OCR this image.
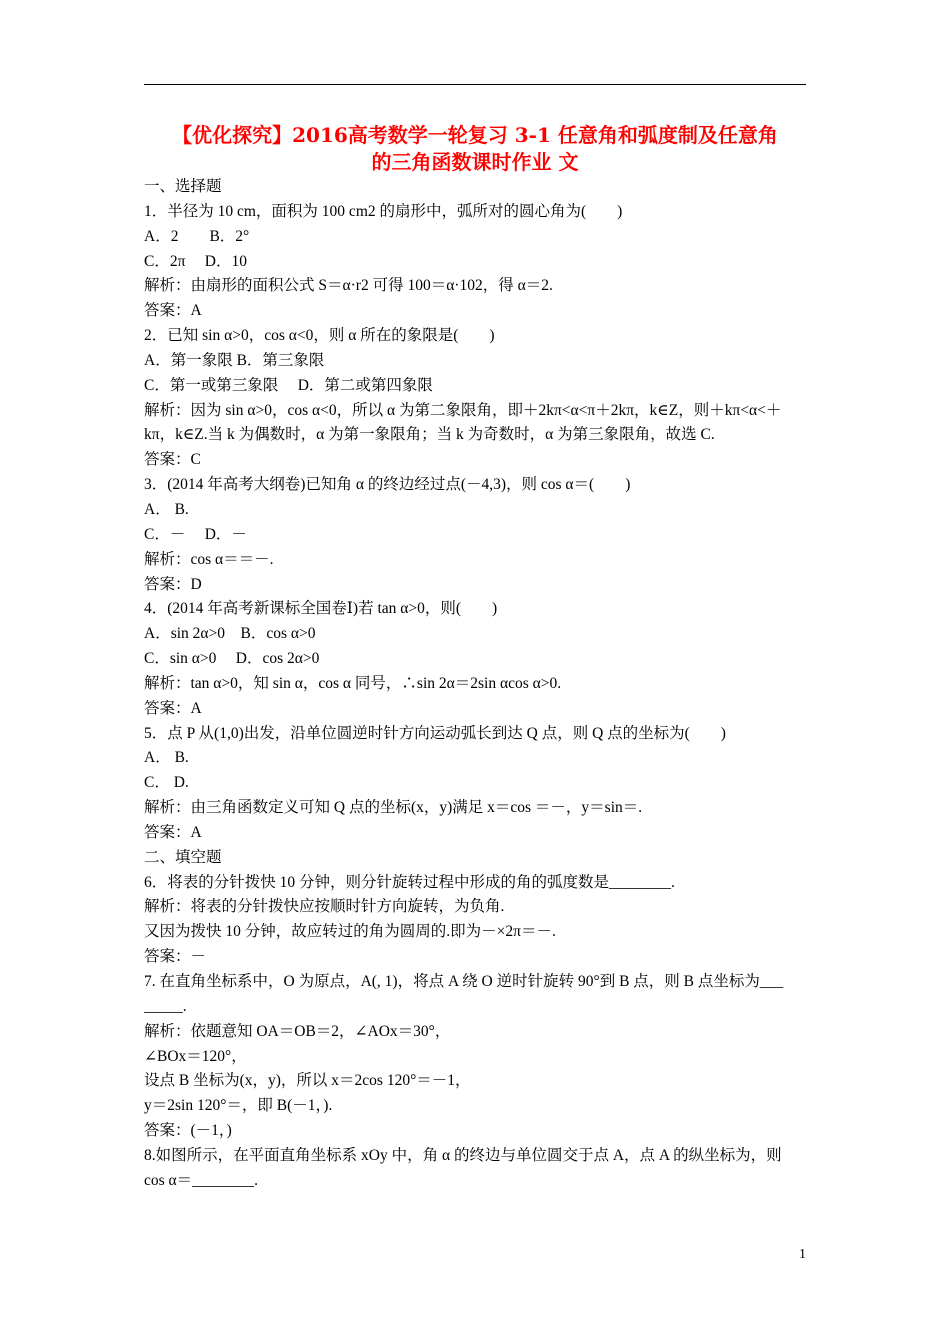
【优化探究】2016高考数学一轮复习 3-1 任意角和弧度制及任意角
的三角函数课时作业 文
一、选择题
1．半径为 10 cm，面积为 100 cm2 的扇形中，弧所对的圆心角为(　　)
A．2　　B．2°
C．2π　 D．10
解析：由扇形的面积公式 S＝α·r2 可得 100＝α·102，得 α＝2.
答案：A
2．已知 sin α>0，cos α<0，则 α 所在的象限是(　　)
A．第一象限 B．第三象限
C．第一或第三象限　 D．第二或第四象限
解析：因为 sin α>0，cos α<0，所以 α 为第二象限角，即＋2kπ<α<π＋2kπ，k∈Z，则＋kπ<α<＋
kπ，k∈Z.当 k 为偶数时，α 为第一象限角；当 k 为奇数时，α 为第三象限角，故选 C.
答案：C
3．(2014 年高考大纲卷)已知角 α 的终边经过点(－4,3)，则 cos α＝(　　)
A． B.
C．－　 D．－
解析：cos α＝＝－.
答案：D
4．(2014 年高考新课标全国卷Ⅰ)若 tan α>0，则(　　)
A．sin 2α>0　B．cos α>0
C．sin α>0　 D．cos 2α>0
解析：tan α>0，知 sin α，cos α 同号，∴sin 2α＝2sin αcos α>0.
答案：A
5．点 P 从(1,0)出发，沿单位圆逆时针方向运动弧长到达 Q 点，则 Q 点的坐标为(　　)
A． B.
C． D.
解析：由三角函数定义可知 Q 点的坐标(x，y)满足 x＝cos ＝－，y＝sin＝.
答案：A
二、填空题
6．将表的分针拨快 10 分钟，则分针旋转过程中形成的角的弧度数是________.
解析：将表的分针拨快应按顺时针方向旋转，为负角.
又因为拨快 10 分钟，故应转过的角为圆周的.即为－×2π＝－.
答案：－
7. 在直角坐标系中，O 为原点，A(, 1)，将点 A 绕 O 逆时针旋转 90°到 B 点，则 B 点坐标为___
_____.
解析：依题意知 OA＝OB＝2，∠AOx＝30°，
∠BOx＝120°，
设点 B 坐标为(x，y)，所以 x＝2cos 120°＝－1，
y＝2sin 120°＝，即 B(－1，).
答案：(－1，)
8.如图所示，在平面直角坐标系 xOy 中，角 α 的终边与单位圆交于点 A，点 A 的纵坐标为，则
cos α＝________.
1
